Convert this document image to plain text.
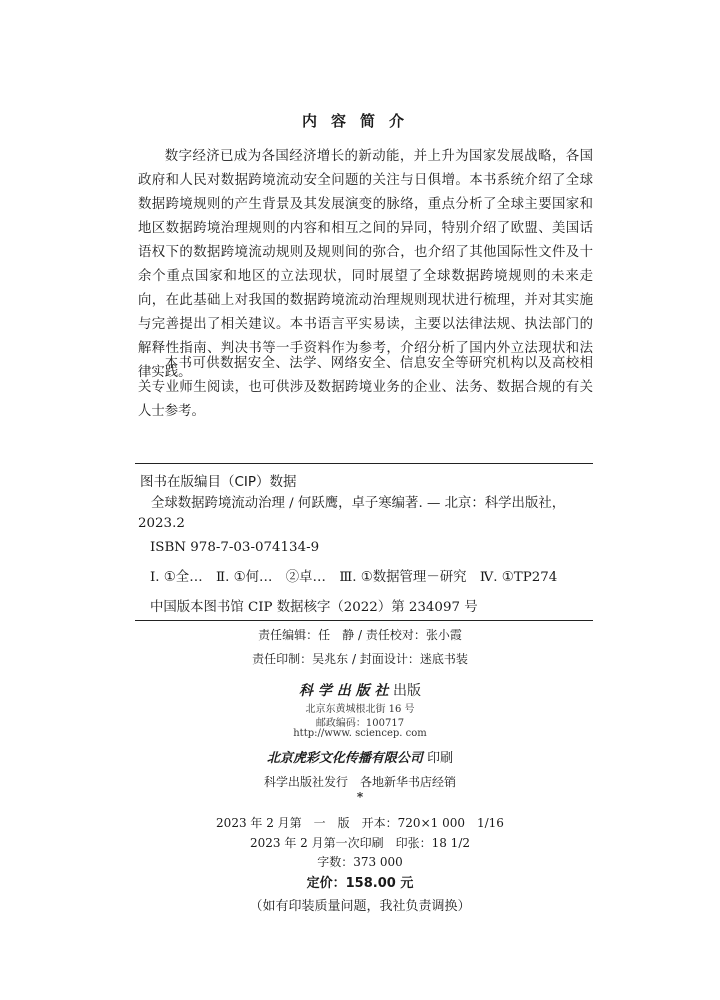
内容简介

数字经济已成为各国经济增长的新动能，并上升为国家发展战略，各国政府和人民对数据跨境流动安全问题的关注与日俱增。本书系统介绍了全球数据跨境规则的产生背景及其发展演变的脉络，重点分析了全球主要国家和地区数据跨境治理规则的内容和相互之间的异同，特别介绍了欧盟、美国话语权下的数据跨境流动规则及规则间的弥合，也介绍了其他国际性文件及十余个重点国家和地区的立法现状，同时展望了全球数据跨境规则的未来走向，在此基础上对我国的数据跨境流动治理规则现状进行梳理，并对其实施与完善提出了相关建议。本书语言平实易读，主要以法律法规、执法部门的解释性指南、判决书等一手资料作为参考，介绍分析了国内外立法现状和法律实践。

本书可供数据安全、法学、网络安全、信息安全等研究机构以及高校相关专业师生阅读，也可供涉及数据跨境业务的企业、法务、数据合规的有关人士参考。

图书在版编目（CIP）数据
全球数据跨境流动治理 / 何跃鹰，卓子寒编著. — 北京：科学出版社，2023.2
ISBN 978-7-03-074134-9
Ⅰ. ①全…　Ⅱ. ①何…　②卓…　Ⅲ. ①数据管理－研究　Ⅳ. ①TP274
中国版本图书馆 CIP 数据核字（2022）第 234097 号
责任编辑：任　静 / 责任校对：张小霞
责任印制：吴兆东 / 封面设计：迷底书装
科 学 出 版 社 出版
北京东黄城根北街 16 号
邮政编码：100717
http://www. sciencep. com
北京虎彩文化传播有限公司 印刷
科学出版社发行　各地新华书店经销
*
2023 年 2 月第　一　版　开本：720×1 000　1/16
2023 年 2 月第一次印刷　印张：18 1/2
字数：373 000
定价：158.00 元
（如有印装质量问题，我社负责调换）
